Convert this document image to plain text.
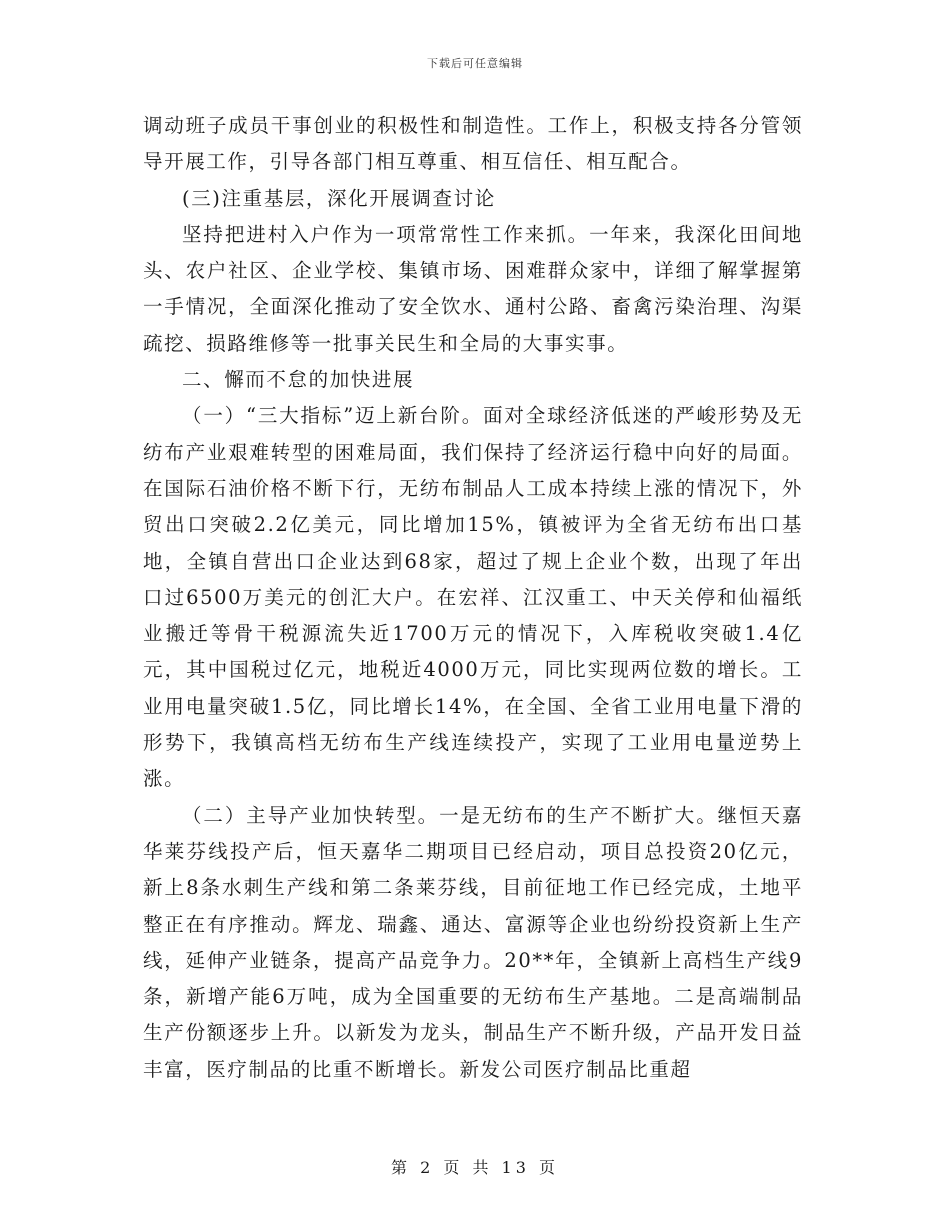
下载后可任意编辑

调动班子成员干事创业的积极性和制造性。工作上，积极支持各分管领导开展工作，引导各部门相互尊重、相互信任、相互配合。

(三)注重基层，深化开展调查讨论

坚持把进村入户作为一项常常性工作来抓。一年来，我深化田间地头、农户社区、企业学校、集镇市场、困难群众家中，详细了解掌握第一手情况，全面深化推动了安全饮水、通村公路、畜禽污染治理、沟渠疏挖、损路维修等一批事关民生和全局的大事实事。

二、懈而不怠的加快进展

（一）“三大指标”迈上新台阶。面对全球经济低迷的严峻形势及无纺布产业艰难转型的困难局面，我们保持了经济运行稳中向好的局面。在国际石油价格不断下行，无纺布制品人工成本持续上涨的情况下，外贸出口突破2.2亿美元，同比增加15%，镇被评为全省无纺布出口基地，全镇自营出口企业达到68家，超过了规上企业个数，出现了年出口过6500万美元的创汇大户。在宏祥、江汉重工、中天关停和仙福纸业搬迁等骨干税源流失近1700万元的情况下，入库税收突破1.4亿元，其中国税过亿元，地税近4000万元，同比实现两位数的增长。工业用电量突破1.5亿，同比增长14%，在全国、全省工业用电量下滑的形势下，我镇高档无纺布生产线连续投产，实现了工业用电量逆势上涨。

（二）主导产业加快转型。一是无纺布的生产不断扩大。继恒天嘉华莱芬线投产后，恒天嘉华二期项目已经启动，项目总投资20亿元，新上8条水刺生产线和第二条莱芬线，目前征地工作已经完成，土地平整正在有序推动。辉龙、瑞鑫、通达、富源等企业也纷纷投资新上生产线，延伸产业链条，提高产品竞争力。20**年，全镇新上高档生产线9条，新增产能6万吨，成为全国重要的无纺布生产基地。二是高端制品生产份额逐步上升。以新发为龙头，制品生产不断升级，产品开发日益丰富，医疗制品的比重不断增长。新发公司医疗制品比重超

第 2 页 共 13 页
